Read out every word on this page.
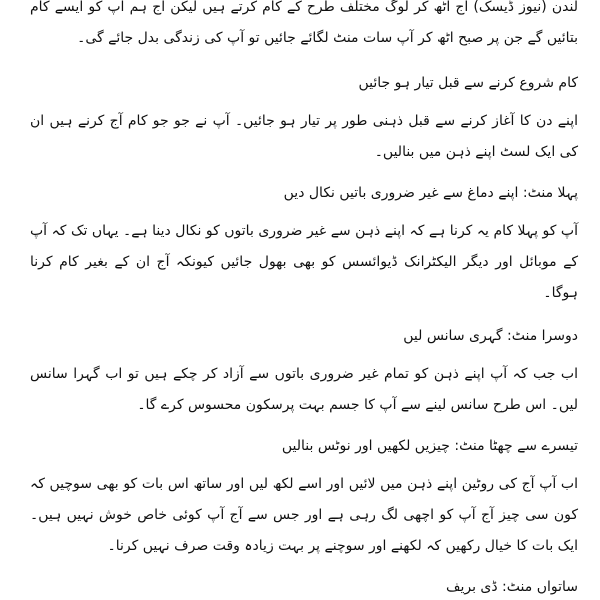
لندن (نیوز ڈیسک) آج اٹھ کر لوگ مختلف طرح کے کام کرتے ہیں لیکن آج ہم آپ کو ایسے کام بتائیں گے جن پر صبح اٹھ کر آپ سات منٹ لگائے جائیں تو آپ کی زندگی بدل جائے گی۔

کام شروع کرنے سے قبل تیار ہو جائیں

اپنے دن کا آغاز کرنے سے قبل ذہنی طور پر تیار ہو جائیں۔ آپ نے جو جو کام آج کرنے ہیں ان کی ایک لسٹ اپنے ذہن میں بنالیں۔

پہلا منٹ: اپنے دماغ سے غیر ضروری باتیں نکال دیں

آپ کو پہلا کام یہ کرنا ہے کہ اپنے ذہن سے غیر ضروری باتوں کو نکال دینا ہے۔ یہاں تک کہ آپ کے موبائل اور دیگر الیکٹرانک ڈیوائسس کو بھی بھول جائیں کیونکہ آج ان کے بغیر کام کرنا ہوگا۔

دوسرا منٹ: گہری سانس لیں

اب جب کہ آپ اپنے ذہن کو تمام غیر ضروری باتوں سے آزاد کر چکے ہیں تو اب گہرا سانس لیں۔ اس طرح سانس لینے سے آپ کا جسم بہت پرسکون محسوس کرے گا۔

تیسرے سے چھٹا منٹ: چیزیں لکھیں اور نوٹس بنالیں

اب آپ آج کی روٹین اپنے ذہن میں لائیں اور اسے لکھ لیں اور ساتھ اس بات کو بھی سوچیں کہ کون سی چیز آج آپ کو اچھی لگ رہی ہے اور جس سے آج آپ کوئی خاص خوش نہیں ہیں۔ ایک بات کا خیال رکھیں کہ لکھنے اور سوچنے پر بہت زیادہ وقت صرف نہیں کرنا۔

ساتواں منٹ: ڈی بریف
